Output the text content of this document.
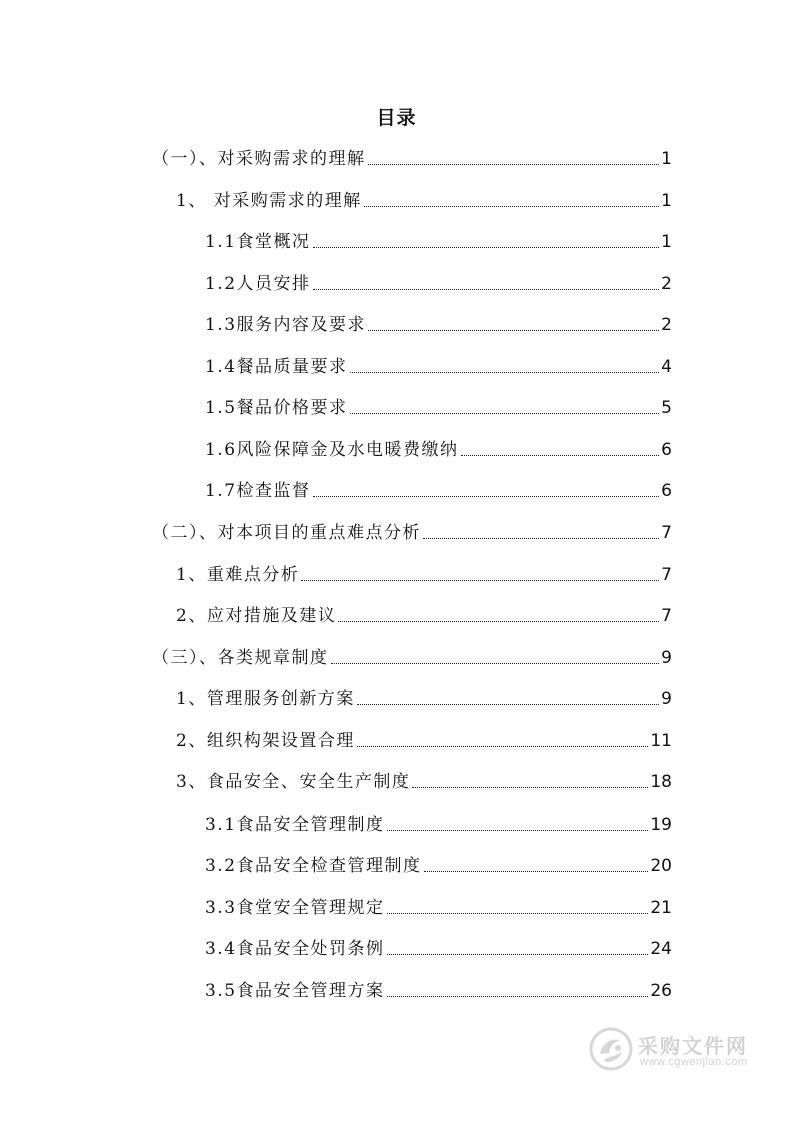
目录
（一）、对采购需求的理解	1
1、 对采购需求的理解	1
1.1食堂概况	1
1.2人员安排	2
1.3服务内容及要求	2
1.4餐品质量要求	4
1.5餐品价格要求	5
1.6风险保障金及水电暖费缴纳	6
1.7检查监督	6
（二）、对本项目的重点难点分析	7
1、重难点分析	7
2、应对措施及建议	7
（三）、各类规章制度	9
1、管理服务创新方案	9
2、组织构架设置合理	11
3、食品安全、安全生产制度	18
3.1食品安全管理制度	19
3.2食品安全检查管理制度	20
3.3食堂安全管理规定	21
3.4食品安全处罚条例	24
3.5食品安全管理方案	26
采购文件网
www.cgwenjian.com
